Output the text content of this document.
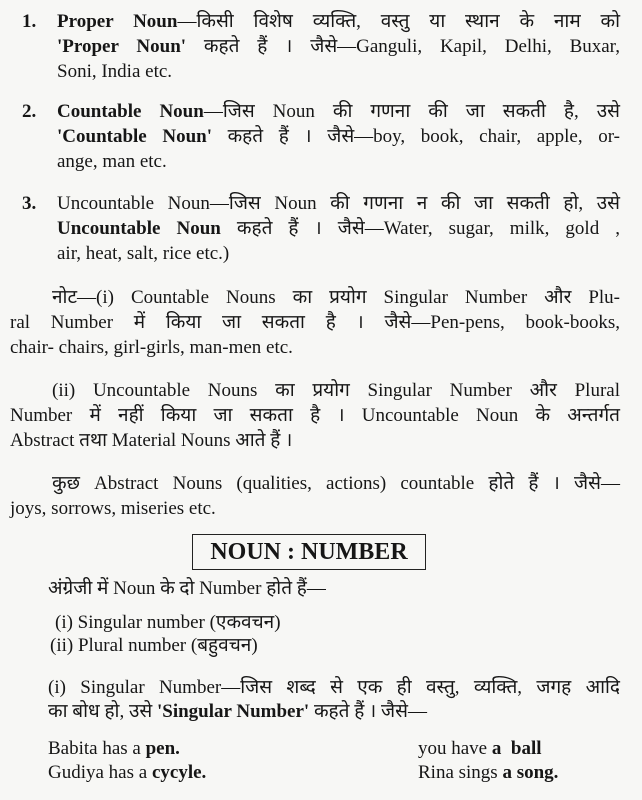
NOUN : NUMBER
1. Proper Noun—किसी विशेष व्यक्ति, वस्तु या स्थान के नाम को
'Proper Noun' कहते हैं । जैसे—Ganguli, Kapil, Delhi, Buxar,
Soni, India etc.
2. Countable Noun—जिस Noun की गणना की जा सकती है, उसे
'Countable Noun' कहते हैं । जैसे—boy, book, chair, apple, or-
ange, man etc.
3. Uncountable Noun—जिस Noun की गणना न की जा सकती हो, उसे
Uncountable Noun कहते हैं । जैसे—Water, sugar, milk, gold ,
air, heat, salt, rice etc.)
नोट—(i) Countable Nouns का प्रयोग Singular Number और Plu-
ral Number में किया जा सकता है । जैसे—Pen-pens, book-books,
chair- chairs, girl-girls, man-men etc.
(ii) Uncountable Nouns का प्रयोग Singular Number और Plural
Number में नहीं किया जा सकता है । Uncountable Noun के अन्तर्गत
Abstract तथा Material Nouns आते हैं ।
कुछ Abstract Nouns (qualities, actions) countable होते हैं । जैसे—
joys, sorrows, miseries etc.
अंग्रेजी में Noun के दो Number होते हैं—
(i) Singular number (एकवचन)
(ii) Plural number (बहुवचन)
(i) Singular Number—जिस शब्द से एक ही वस्तु, व्यक्ति, जगह आदि
का बोध हो, उसे 'Singular Number' कहते हैं । जैसे—
Babita has a pen.
Gudiya has a cycyle.
you have a  ball
Rina sings a song.
